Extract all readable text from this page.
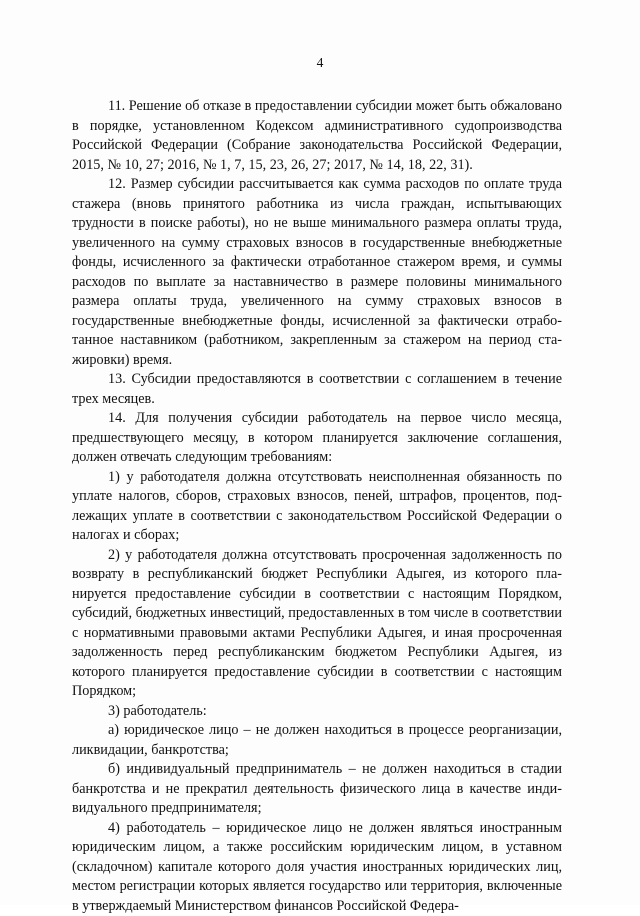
4

11. Решение об отказе в предоставлении субсидии может быть обжаловано в порядке, установленном Кодексом административного судопроизводства Российской Федерации (Собрание законодательства Российской Федерации, 2015, № 10, 27; 2016, № 1, 7, 15, 23, 26, 27; 2017, № 14, 18, 22, 31).

12. Размер субсидии рассчитывается как сумма расходов по оплате труда стажера (вновь принятого работника из числа граждан, испытывающих трудности в поиске работы), но не выше минимального размера оплаты труда, увеличенного на сумму страховых взносов в государственные внебюджетные фонды, исчисленного за фактически отработанное стажером время, и суммы расходов по выплате за наставничество в размере половины минимального размера оплаты труда, увеличенного на сумму страховых взносов в государственные внебюджетные фонды, исчисленной за фактически отработанное наставником (работником, закрепленным за стажером на период стажировки) время.

13. Субсидии предоставляются в соответствии с соглашением в течение трех месяцев.

14. Для получения субсидии работодатель на первое число месяца, предшествующего месяцу, в котором планируется заключение соглашения, должен отвечать следующим требованиям:

1) у работодателя должна отсутствовать неисполненная обязанность по уплате налогов, сборов, страховых взносов, пеней, штрафов, процентов, подлежащих уплате в соответствии с законодательством Российской Федерации о налогах и сборах;

2) у работодателя должна отсутствовать просроченная задолженность по возврату в республиканский бюджет Республики Адыгея, из которого планируется предоставление субсидии в соответствии с настоящим Порядком, субсидий, бюджетных инвестиций, предоставленных в том числе в соответствии с нормативными правовыми актами Республики Адыгея, и иная просроченная задолженность перед республиканским бюджетом Республики Адыгея, из которого планируется предоставление субсидии в соответствии с настоящим Порядком;

3) работодатель:

а) юридическое лицо – не должен находиться в процессе реорганизации, ликвидации, банкротства;

б) индивидуальный предприниматель – не должен находиться в стадии банкротства и не прекратил деятельность физического лица в качестве индивидуального предпринимателя;

4) работодатель – юридическое лицо не должен являться иностранным юридическим лицом, а также российским юридическим лицом, в уставном (складочном) капитале которого доля участия иностранных юридических лиц, местом регистрации которых является государство или территория, включенные в утверждаемый Министерством финансов Российской Федера-
